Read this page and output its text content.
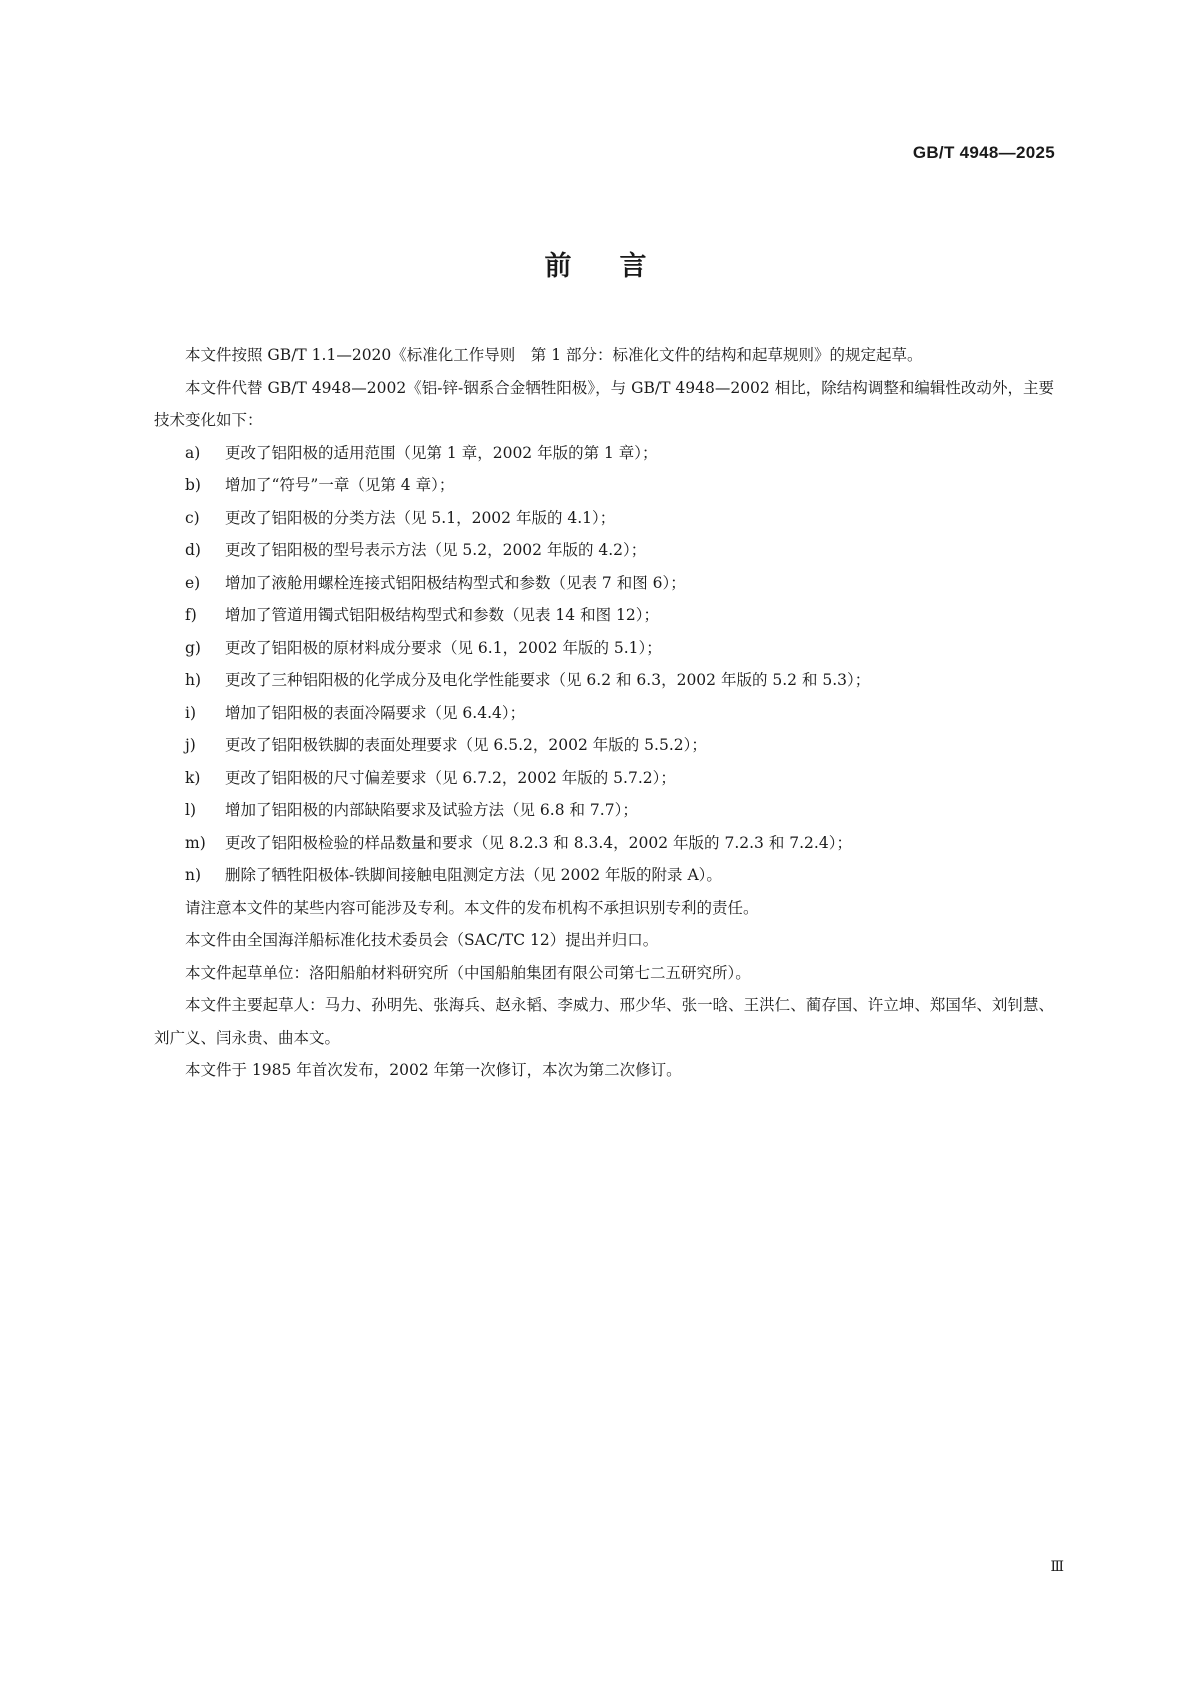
GB/T 4948—2025
前言

本文件按照 GB/T 1.1—2020《标准化工作导则　第 1 部分：标准化文件的结构和起草规则》的规定起草。

本文件代替 GB/T 4948—2002《铝-锌-铟系合金牺牲阳极》，与 GB/T 4948—2002 相比，除结构调整和编辑性改动外，主要技术变化如下：

a)	更改了铝阳极的适用范围（见第 1 章，2002 年版的第 1 章）；
b)	增加了“符号”一章（见第 4 章）；
c)	更改了铝阳极的分类方法（见 5.1，2002 年版的 4.1）；
d)	更改了铝阳极的型号表示方法（见 5.2，2002 年版的 4.2）；
e)	增加了液舱用螺栓连接式铝阳极结构型式和参数（见表 7 和图 6）；
f)	增加了管道用镯式铝阳极结构型式和参数（见表 14 和图 12）；
g)	更改了铝阳极的原材料成分要求（见 6.1，2002 年版的 5.1）；
h)	更改了三种铝阳极的化学成分及电化学性能要求（见 6.2 和 6.3，2002 年版的 5.2 和 5.3）；
i)	增加了铝阳极的表面冷隔要求（见 6.4.4）；
j)	更改了铝阳极铁脚的表面处理要求（见 6.5.2，2002 年版的 5.5.2）；
k)	更改了铝阳极的尺寸偏差要求（见 6.7.2，2002 年版的 5.7.2）；
l)	增加了铝阳极的内部缺陷要求及试验方法（见 6.8 和 7.7）；
m)	更改了铝阳极检验的样品数量和要求（见 8.2.3 和 8.3.4，2002 年版的 7.2.3 和 7.2.4）；
n)	删除了牺牲阳极体-铁脚间接触电阻测定方法（见 2002 年版的附录 A）。

请注意本文件的某些内容可能涉及专利。本文件的发布机构不承担识别专利的责任。

本文件由全国海洋船标准化技术委员会（SAC/TC 12）提出并归口。

本文件起草单位：洛阳船舶材料研究所（中国船舶集团有限公司第七二五研究所）。

本文件主要起草人：马力、孙明先、张海兵、赵永韬、李威力、邢少华、张一晗、王洪仁、蔺存国、许立坤、郑国华、刘钊慧、刘广义、闫永贵、曲本文。

本文件于 1985 年首次发布，2002 年第一次修订，本次为第二次修订。

Ⅲ
